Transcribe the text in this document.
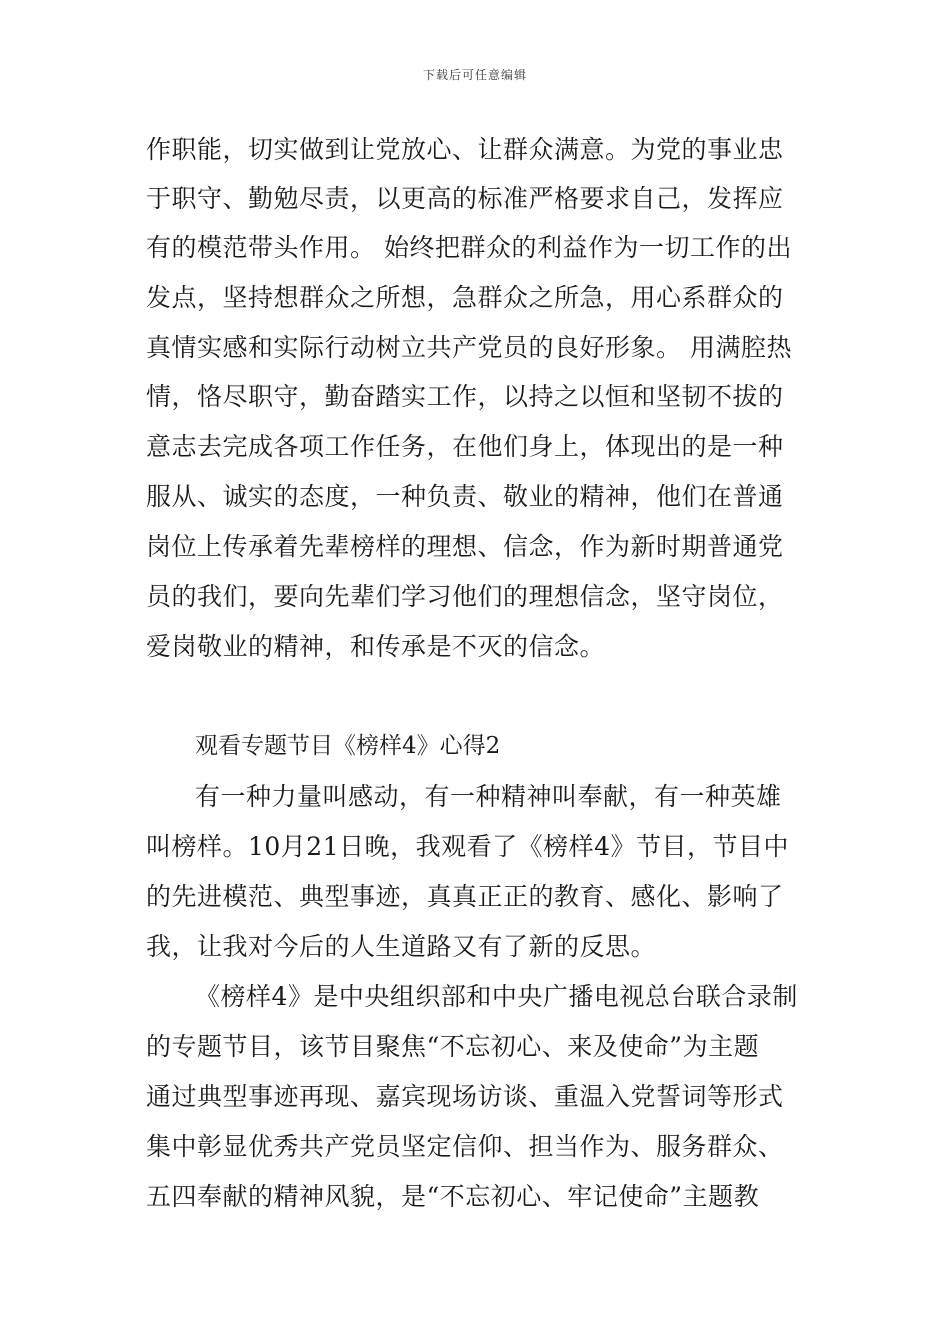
下载后可任意编辑
作职能，切实做到让党放心、让群众满意。为党的事业忠
于职守、勤勉尽责，以更高的标准严格要求自己，发挥应
有的模范带头作用。 始终把群众的利益作为一切工作的出
发点，坚持想群众之所想，急群众之所急，用心系群众的
真情实感和实际行动树立共产党员的良好形象。 用满腔热
情，恪尽职守，勤奋踏实工作，以持之以恒和坚韧不拔的
意志去完成各项工作任务，在他们身上，体现出的是一种
服从、诚实的态度，一种负责、敬业的精神，他们在普通
岗位上传承着先辈榜样的理想、信念，作为新时期普通党
员的我们，要向先辈们学习他们的理想信念，坚守岗位，
爱岗敬业的精神，和传承是不灭的信念。
观看专题节目《榜样4》心得2
有一种力量叫感动，有一种精神叫奉献，有一种英雄
叫榜样。10月21日晚，我观看了《榜样4》节目，节目中
的先进模范、典型事迹，真真正正的教育、感化、影响了
我，让我对今后的人生道路又有了新的反思。
《榜样4》是中央组织部和中央广播电视总台联合录制
的专题节目，该节目聚焦“不忘初心、来及使命”为主题
通过典型事迹再现、嘉宾现场访谈、重温入党誓词等形式
集中彰显优秀共产党员坚定信仰、担当作为、服务群众、
五四奉献的精神风貌，是“不忘初心、牢记使命”主题教
